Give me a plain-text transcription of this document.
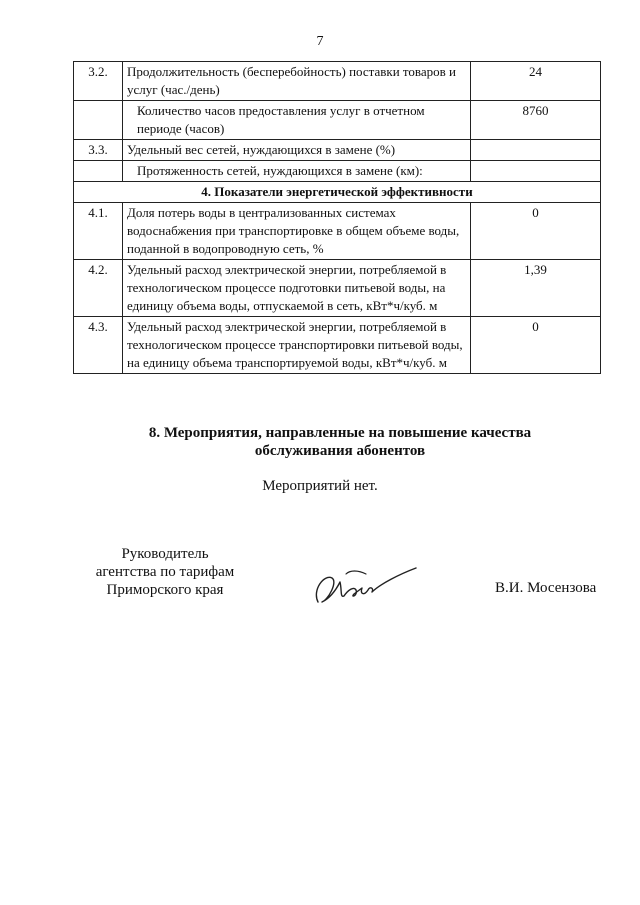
7
3.2.	Продолжительность (бесперебойность) поставки товаров и услуг (час./день)	24
	Количество часов предоставления услуг в отчетном периоде (часов)	8760
3.3.	Удельный вес сетей, нуждающихся в замене (%)	
	Протяженность сетей, нуждающихся в замене (км):	
4. Показатели энергетической эффективности		
4.1.	Доля потерь воды в централизованных системах водоснабжения при транспортировке в общем объеме воды, поданной в водопроводную сеть, %	0
4.2.	Удельный расход электрической энергии, потребляемой в технологическом процессе подготовки питьевой воды, на единицу объема воды, отпускаемой в сеть, кВт*ч/куб. м	1,39
4.3.	Удельный расход электрической энергии, потребляемой в технологическом процессе транспортировки питьевой воды, на единицу объема транспортируемой воды, кВт*ч/куб. м	0
8. Мероприятия, направленные на повышение качества
обслуживания абонентов
Мероприятий нет.
Руководитель
агентства по тарифам
Приморского края	В.И. Мосензова
